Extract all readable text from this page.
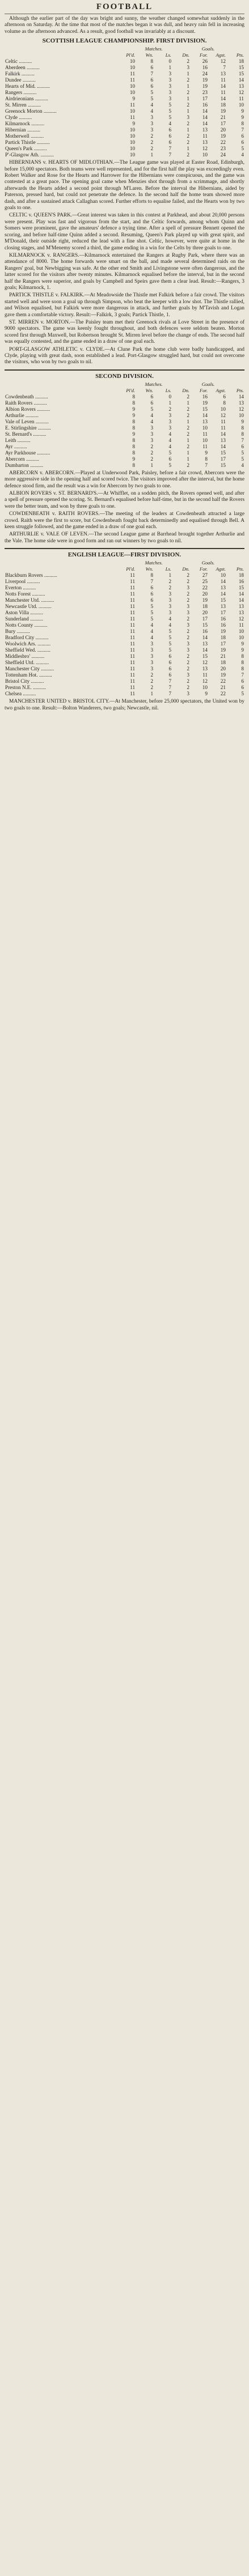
FOOTBALL

Although the earlier part of the day was bright and sunny, the weather changed somewhat suddenly in the afternoon on Saturday. At the time that most of the matches began it was dull, and heavy rain fell in increasing volume as the afternoon advanced. As a result, good football was invariably at a discount.

SCOTTISH LEAGUE CHAMPIONSHIP. FIRST DIVISION.
	Matches.				Goals.		
	Pl'd.	Wn.	Ls.	Dn.	For.	Agst.	Pts.
Celtic ..........	10	8	0	2	26	12	18
Aberdeen ..........	10	6	1	3	16	7	15
Falkirk ..........	11	7	3	1	24	13	15
Dundee ..........	11	6	3	2	19	11	14
Hearts of Mid. ..........	10	6	3	1	19	14	13
Rangers ..........	10	5	3	2	23	11	12
Airdrieonians ..........	9	5	3	1	17	14	11
St. Mirren ..........	11	4	5	2	16	18	10
Greenock Morton ..........	10	4	5	1	14	19	9
Clyde ..........	11	3	5	3	14	21	9
Kilmarnock ..........	9	3	4	2	14	17	8
Hibernian ..........	10	3	6	1	13	20	7
Motherwell ..........	10	2	6	2	11	19	6
Partick Thistle ..........	10	2	6	2	13	22	6
Queen's Park ..........	10	2	7	1	12	23	5
P'-Glasgow Ath. ..........	10	1	7	2	10	24	4

HIBERNIANS v. HEARTS OF MIDLOTHIAN.—The League game was played at Easter Road, Edinburgh, before 15,000 spectators. Both teams were well represented, and for the first half the play was exceedingly even. Robert Walker and Rose for the Hearts and Harrower for the Hibernians were conspicuous, and the game was contested at a great pace. The opening goal came when Menzies shot through from a scrimmage, and shortly afterwards the Hearts added a second point through M'Laren. Before the interval the Hibernians, aided by Paterson, pressed hard, but could not penetrate the defence. In the second half the home team showed more dash, and after a sustained attack Callaghan scored. Further efforts to equalise failed, and the Hearts won by two goals to one.

CELTIC v. QUEEN'S PARK.—Great interest was taken in this contest at Parkhead, and about 20,000 persons were present. Play was fast and vigorous from the start, and the Celtic forwards, among whom Quinn and Somers were prominent, gave the amateurs' defence a trying time. After a spell of pressure Bennett opened the scoring, and before half-time Quinn added a second. Resuming, Queen's Park played up with great spirit, and M'Donald, their outside right, reduced the lead with a fine shot. Celtic, however, were quite at home in the closing stages, and M'Menemy scored a third, the game ending in a win for the Celts by three goals to one.

KILMARNOCK v. RANGERS.—Kilmarnock entertained the Rangers at Rugby Park, where there was an attendance of 8000. The home forwards were smart on the ball, and made several determined raids on the Rangers' goal, but Newbigging was safe. At the other end Smith and Livingstone were often dangerous, and the latter scored for the visitors after twenty minutes. Kilmarnock equalised before the interval, but in the second half the Rangers were superior, and goals by Campbell and Speirs gave them a clear lead. Result:—Rangers, 3 goals; Kilmarnock, 1.

PARTICK THISTLE v. FALKIRK.—At Meadowside the Thistle met Falkirk before a fair crowd. The visitors started well and were soon a goal up through Simpson, who beat the keeper with a low shot. The Thistle rallied, and Wilson equalised, but Falkirk were more dangerous in attack, and further goals by M'Tavish and Logan gave them a comfortable victory. Result:—Falkirk, 3 goals; Partick Thistle, 1.

ST. MIRREN v. MORTON.—The Paisley team met their Greenock rivals at Love Street in the presence of 9000 spectators. The game was keenly fought throughout, and both defences were seldom beaten. Morton scored first through Maxwell, but Robertson brought St. Mirren level before the change of ends. The second half was equally contested, and the game ended in a draw of one goal each.

PORT-GLASGOW ATHLETIC v. CLYDE.—At Clune Park the home club were badly handicapped, and Clyde, playing with great dash, soon established a lead. Port-Glasgow struggled hard, but could not overcome the visitors, who won by two goals to nil.

SECOND DIVISION.
	Matches.				Goals.		
	Pl'd.	Wn.	Ls.	Dn.	For.	Agst.	Pts.
Cowdenbeath ..........	8	6	0	2	16	6	14
Raith Rovers ..........	8	6	1	1	19	8	13
Albion Rovers ..........	9	5	2	2	15	10	12
Arthurlie ..........	9	4	3	2	14	12	10
Vale of Leven ..........	8	4	3	1	13	11	9
E. Stirlingshire ..........	8	3	3	2	10	11	8
St. Bernard's ..........	9	3	4	2	11	14	8
Leith ..........	8	3	4	1	10	13	7
Ayr ..........	8	2	4	2	11	14	6
Ayr Parkhouse ..........	8	2	5	1	9	15	5
Abercorn ..........	9	2	6	1	8	17	5
Dumbarton ..........	8	1	5	2	7	15	4

ABERCORN v. ABERCORN.—Played at Underwood Park, Paisley, before a fair crowd, Abercorn were the more aggressive side in the opening half and scored twice. The visitors improved after the interval, but the home defence stood firm, and the result was a win for Abercorn by two goals to one.

ALBION ROVERS v. ST. BERNARD'S.—At Whifflet, on a sodden pitch, the Rovers opened well, and after a spell of pressure opened the scoring. St. Bernard's equalised before half-time, but in the second half the Rovers were the better team, and won by three goals to one.

COWDENBEATH v. RAITH ROVERS.—The meeting of the leaders at Cowdenbeath attracted a large crowd. Raith were the first to score, but Cowdenbeath fought back determinedly and equalised through Bell. A keen struggle followed, and the game ended in a draw of one goal each.

ARTHURLIE v. VALE OF LEVEN.—The second League game at Barrhead brought together Arthurlie and the Vale. The home side were in good form and ran out winners by two goals to nil.

ENGLISH LEAGUE—FIRST DIVISION.
	Matches.				Goals.		
	Pl'd.	Wn.	Ls.	Dn.	For.	Agst.	Pts.
Blackburn Rovers ..........	11	8	1	2	27	10	18
Liverpool ..........	11	7	2	2	25	14	16
Everton ..........	11	6	2	3	22	13	15
Notts Forest ..........	11	6	3	2	20	14	14
Manchester Utd. ..........	11	6	3	2	19	15	14
Newcastle Utd. ..........	11	5	3	3	18	13	13
Aston Villa ..........	11	5	3	3	20	17	13
Sunderland ..........	11	5	4	2	17	16	12
Notts County ..........	11	4	4	3	15	16	11
Bury ..........	11	4	5	2	16	19	10
Bradford City ..........	11	4	5	2	14	18	10
Woolwich Ars. ..........	11	3	5	3	13	17	9
Sheffield Wed. ..........	11	3	5	3	14	19	9
Middlesbro' ..........	11	3	6	2	15	21	8
Sheffield Utd. ..........	11	3	6	2	12	18	8
Manchester City ..........	11	3	6	2	13	20	8
Tottenham Hot. ..........	11	2	6	3	11	19	7
Bristol City ..........	11	2	7	2	12	22	6
Preston N.E. ..........	11	2	7	2	10	21	6
Chelsea ..........	11	1	7	3	9	22	5

MANCHESTER UNITED v. BRISTOL CITY.—At Manchester, before 25,000 spectators, the United won by two goals to one. Result:—Bolton Wanderers, two goals; Newcastle, nil.
